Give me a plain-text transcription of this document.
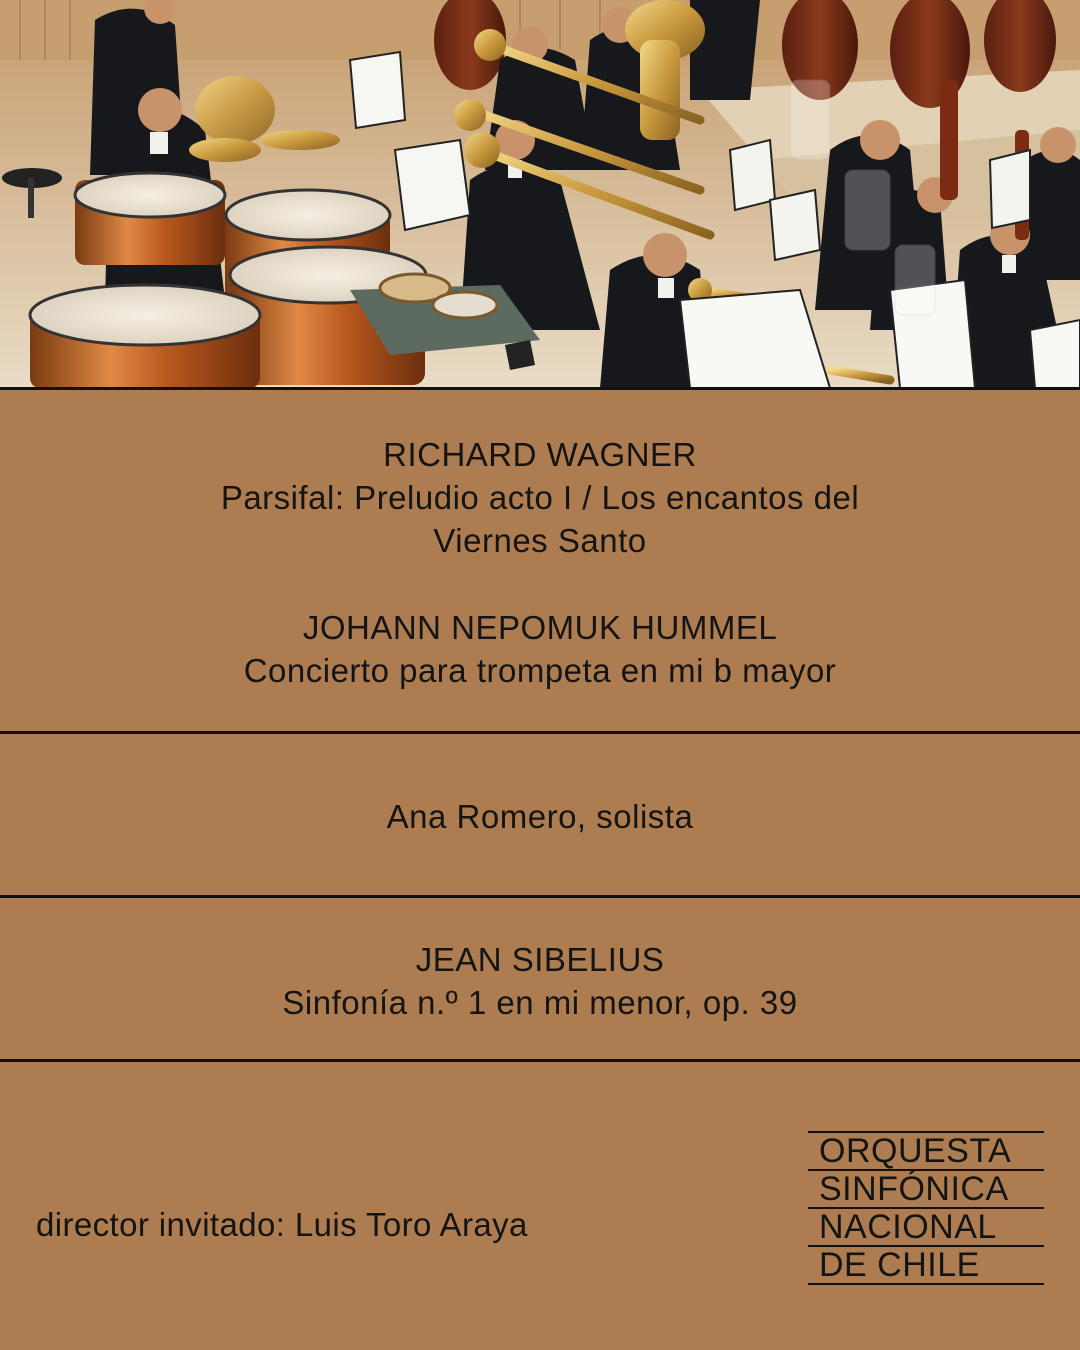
RICHARD WAGNER
Parsifal: Preludio acto I / Los encantos del
Viernes Santo
JOHANN NEPOMUK HUMMEL
Concierto para trompeta en mi b mayor
Ana Romero, solista
JEAN SIBELIUS
Sinfonía n.º 1 en mi menor, op. 39
director invitado: Luis Toro Araya
ORQUESTA
SINFÓNICA
NACIONAL
DE CHILE
